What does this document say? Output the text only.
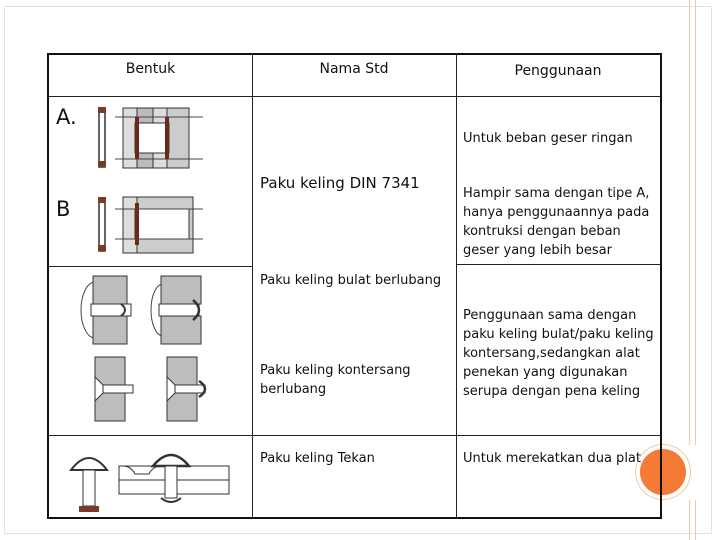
Bentuk	Nama Std	Penggunaan
A.
B
Paku keling DIN 7341
Paku keling bulat berlubang
Paku keling kontersang berlubang
Paku keling Tekan
Untuk beban geser ringan
Hampir sama dengan tipe A, hanya penggunaannya pada kontruksi dengan beban geser yang lebih besar
Penggunaan sama dengan paku keling bulat/paku keling kontersang,sedangkan alat penekan yang digunakan serupa dengan pena keling
Untuk merekatkan dua plat
